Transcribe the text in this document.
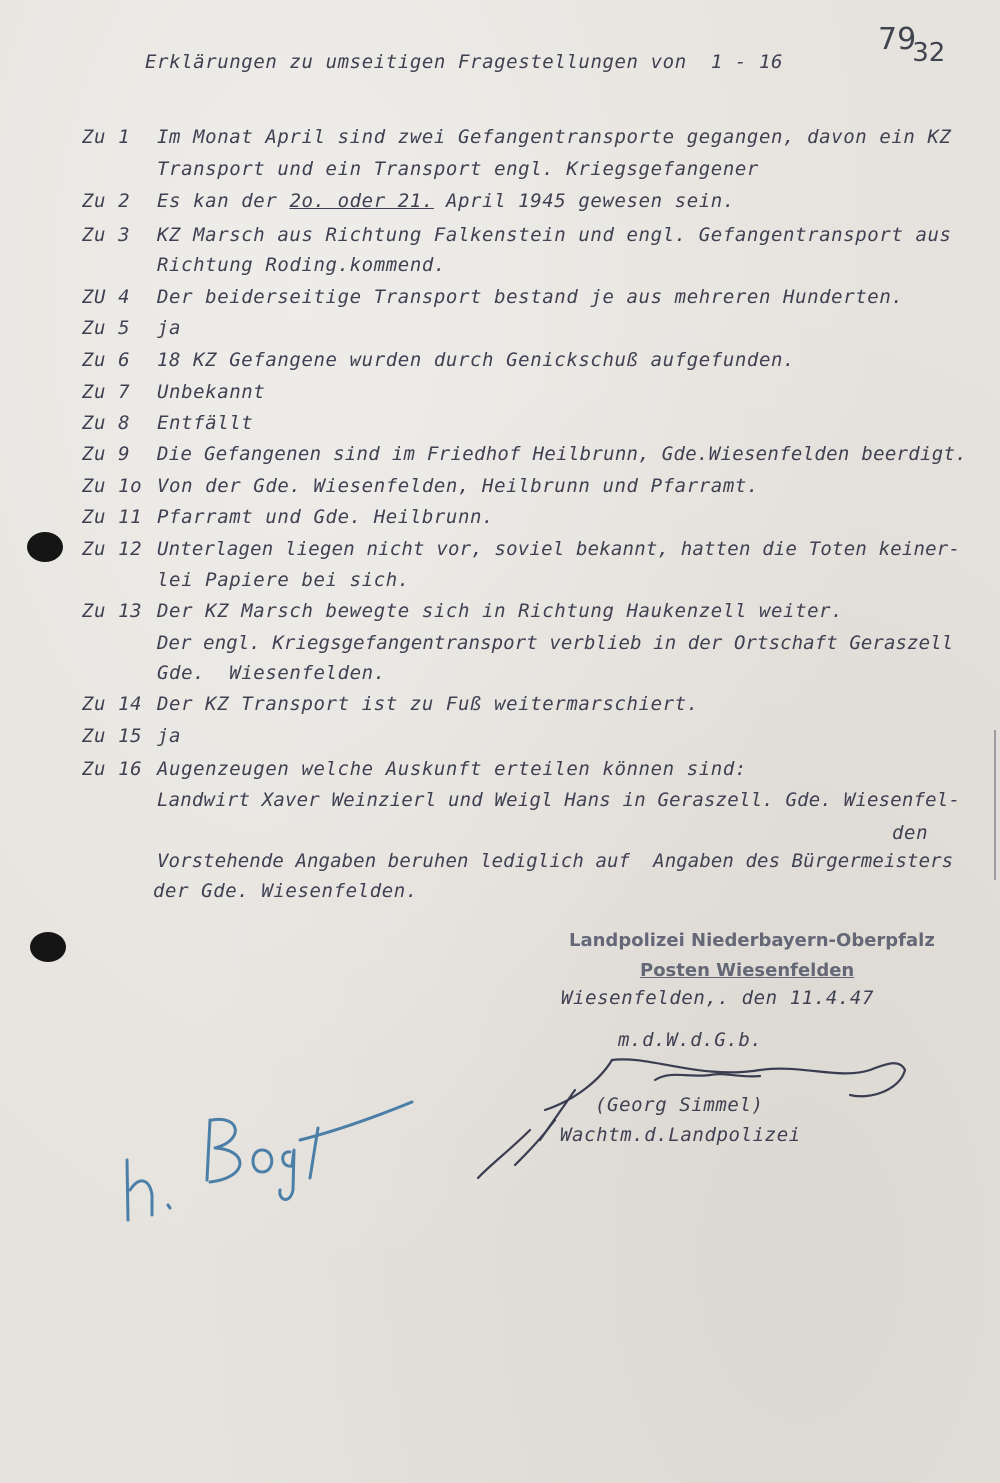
Erklärungen zu umseitigen Fragestellungen von  1 - 16
7932
Zu 1 Im Monat April sind zwei Gefangentransporte gegangen, davon ein KZ
Transport und ein Transport engl. Kriegsgefangener
Zu 2 Es kan der 2o. oder 21. April 1945 gewesen sein.
Zu 3 KZ Marsch aus Richtung Falkenstein und engl. Gefangentransport aus
Richtung Roding.kommend.
ZU 4 Der beiderseitige Transport bestand je aus mehreren Hunderten.
Zu 5 ja
Zu 6 18 KZ Gefangene wurden durch Genickschuß aufgefunden.
Zu 7 Unbekannt
Zu 8 Entfällt
Zu 9 Die Gefangenen sind im Friedhof Heilbrunn, Gde.Wiesenfelden beerdigt.
Zu 1o Von der Gde. Wiesenfelden, Heilbrunn und Pfarramt.
Zu 11 Pfarramt und Gde. Heilbrunn.
Zu 12 Unterlagen liegen nicht vor, soviel bekannt, hatten die Toten keiner-
lei Papiere bei sich.
Zu 13 Der KZ Marsch bewegte sich in Richtung Haukenzell weiter.
Der engl. Kriegsgefangentransport verblieb in der Ortschaft Geraszell
Gde.  Wiesenfelden.
Zu 14 Der KZ Transport ist zu Fuß weitermarschiert.
Zu 15 ja
Zu 16 Augenzeugen welche Auskunft erteilen können sind:
Landwirt Xaver Weinzierl und Weigl Hans in Geraszell. Gde. Wiesenfel-
den
Vorstehende Angaben beruhen lediglich auf  Angaben des Bürgermeisters
der Gde. Wiesenfelden.
Landpolizei Niederbayern-Oberpfalz
Posten Wiesenfelden
Wiesenfelden,. den 11.4.47
m.d.W.d.G.b.
(Georg Simmel)
Wachtm.d.Landpolizei
h. Bogt
